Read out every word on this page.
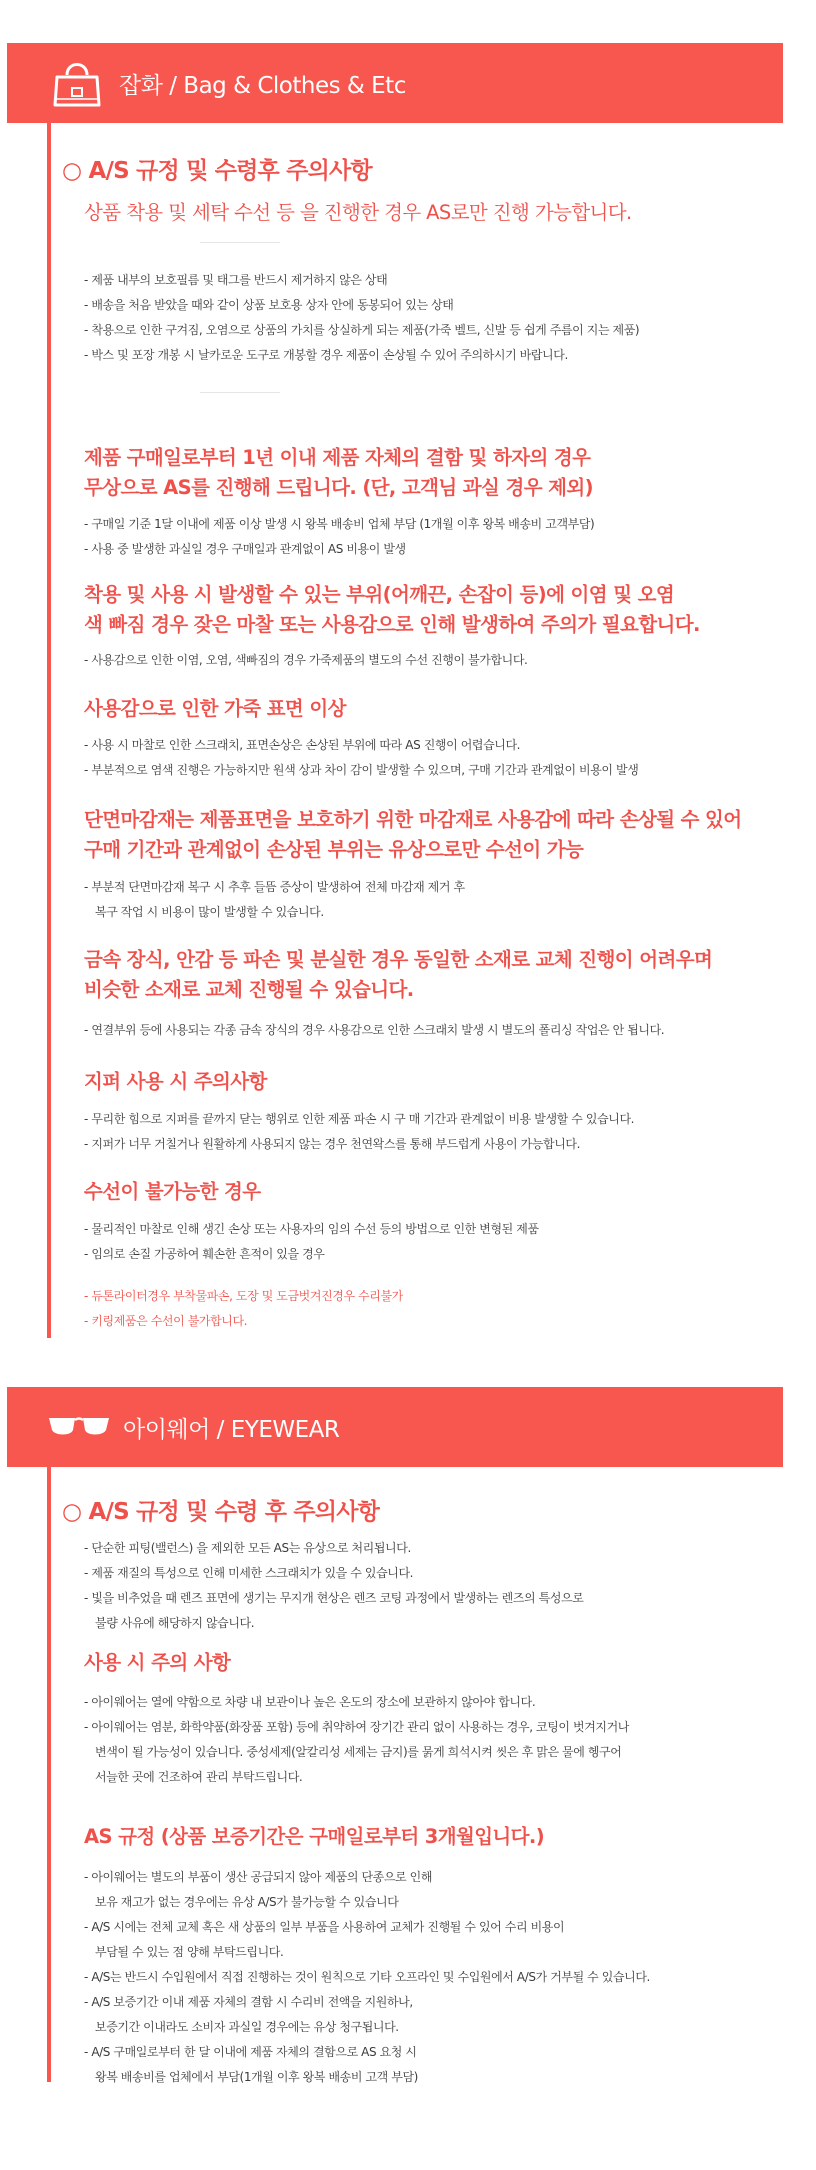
잡화 / Bag & Clothes & Etc
○ A/S 규정 및 수령후 주의사항
상품 착용 및 세탁 수선 등 을 진행한 경우 AS로만 진행 가능합니다.
- 제품 내부의 보호필름 및 태그를 반드시 제거하지 않은 상태
- 배송을 처음 받았을 때와 같이 상품 보호용 상자 안에 동봉되어 있는 상태
- 착용으로 인한 구겨짐, 오염으로 상품의 가치를 상실하게 되는 제품(가죽 벨트, 신발 등 쉽게 주름이 지는 제품)
- 박스 및 포장 개봉 시 날카로운 도구로 개봉할 경우 제품이 손상될 수 있어 주의하시기 바랍니다.
제품 구매일로부터 1년 이내 제품 자체의 결함 및 하자의 경우
무상으로 AS를 진행해 드립니다. (단, 고객님 과실 경우 제외)
- 구매일 기준 1달 이내에 제품 이상 발생 시 왕복 배송비 업체 부담 (1개월 이후 왕복 배송비 고객부담)
- 사용 중 발생한 과실일 경우 구매일과 관계없이 AS 비용이 발생
착용 및 사용 시 발생할 수 있는 부위(어깨끈, 손잡이 등)에 이염 및 오염
색 빠짐 경우 잦은 마찰 또는 사용감으로 인해 발생하여 주의가 필요합니다.
- 사용감으로 인한 이염, 오염, 색빠짐의 경우 가죽제품의 별도의 수선 진행이 불가합니다.
사용감으로 인한 가죽 표면 이상
- 사용 시 마찰로 인한 스크래치, 표면손상은 손상된 부위에 따라 AS 진행이 어렵습니다.
- 부분적으로 염색 진행은 가능하지만 원색 상과 차이 감이 발생할 수 있으며, 구매 기간과 관계없이 비용이 발생
단면마감재는 제품표면을 보호하기 위한 마감재로 사용감에 따라 손상될 수 있어
구매 기간과 관계없이 손상된 부위는 유상으로만 수선이 가능
- 부분적 단면마감재 복구 시 추후 들뜸 증상이 발생하여 전체 마감재 제거 후
복구 작업 시 비용이 많이 발생할 수 있습니다.
금속 장식, 안감 등 파손 및 분실한 경우 동일한 소재로 교체 진행이 어려우며
비슷한 소재로 교체 진행될 수 있습니다.
- 연결부위 등에 사용되는 각종 금속 장식의 경우 사용감으로 인한 스크래치 발생 시 별도의 폴리싱 작업은 안 됩니다.
지퍼 사용 시 주의사항
- 무리한 힘으로 지퍼를 끝까지 닫는 행위로 인한 제품 파손 시 구 매 기간과 관계없이 비용 발생할 수 있습니다.
- 지퍼가 너무 거칠거나 원활하게 사용되지 않는 경우 천연왁스를 통해 부드럽게 사용이 가능합니다.
수선이 불가능한 경우
- 물리적인 마찰로 인해 생긴 손상 또는 사용자의 임의 수선 등의 방법으로 인한 변형된 제품
- 임의로 손질 가공하여 훼손한 흔적이 있을 경우
- 듀톤라이터경우 부착물파손, 도장 및 도금벗겨진경우 수리불가
- 키링제품은 수선이 불가합니다.
아이웨어 / EYEWEAR
○ A/S 규정 및 수령 후 주의사항
- 단순한 피팅(밸런스) 을 제외한 모든 AS는 유상으로 처리됩니다.
- 제품 재질의 특성으로 인해 미세한 스크래치가 있을 수 있습니다.
- 빛을 비추었을 때 렌즈 표면에 생기는 무지개 현상은 렌즈 코팅 과정에서 발생하는 렌즈의 특성으로
불량 사유에 해당하지 않습니다.
사용 시 주의 사항
- 아이웨어는 열에 약함으로 차량 내 보관이나 높은 온도의 장소에 보관하지 않아야 합니다.
- 아이웨어는 염분, 화학약품(화장품 포함) 등에 취약하여 장기간 관리 없이 사용하는 경우, 코팅이 벗겨지거나
변색이 될 가능성이 있습니다. 중성세제(알칼리성 세제는 금지)를 묽게 희석시켜 씻은 후 맑은 물에 헹구어
서늘한 곳에 건조하여 관리 부탁드립니다.
AS 규정 (상품 보증기간은 구매일로부터 3개월입니다.)
- 아이웨어는 별도의 부품이 생산 공급되지 않아 제품의 단종으로 인해
보유 재고가 없는 경우에는 유상 A/S가 불가능할 수 있습니다
- A/S 시에는 전체 교체 혹은 새 상품의 일부 부품을 사용하여 교체가 진행될 수 있어 수리 비용이
부담될 수 있는 점 양해 부탁드립니다.
- A/S는 반드시 수입원에서 직접 진행하는 것이 원칙으로 기타 오프라인 및 수입원에서 A/S가 거부될 수 있습니다.
- A/S 보증기간 이내 제품 자체의 결함 시 수리비 전액을 지원하나,
보증기간 이내라도 소비자 과실일 경우에는 유상 청구됩니다.
- A/S 구매일로부터 한 달 이내에 제품 자체의 결함으로 AS 요청 시
왕복 배송비를 업체에서 부담(1개월 이후 왕복 배송비 고객 부담)
